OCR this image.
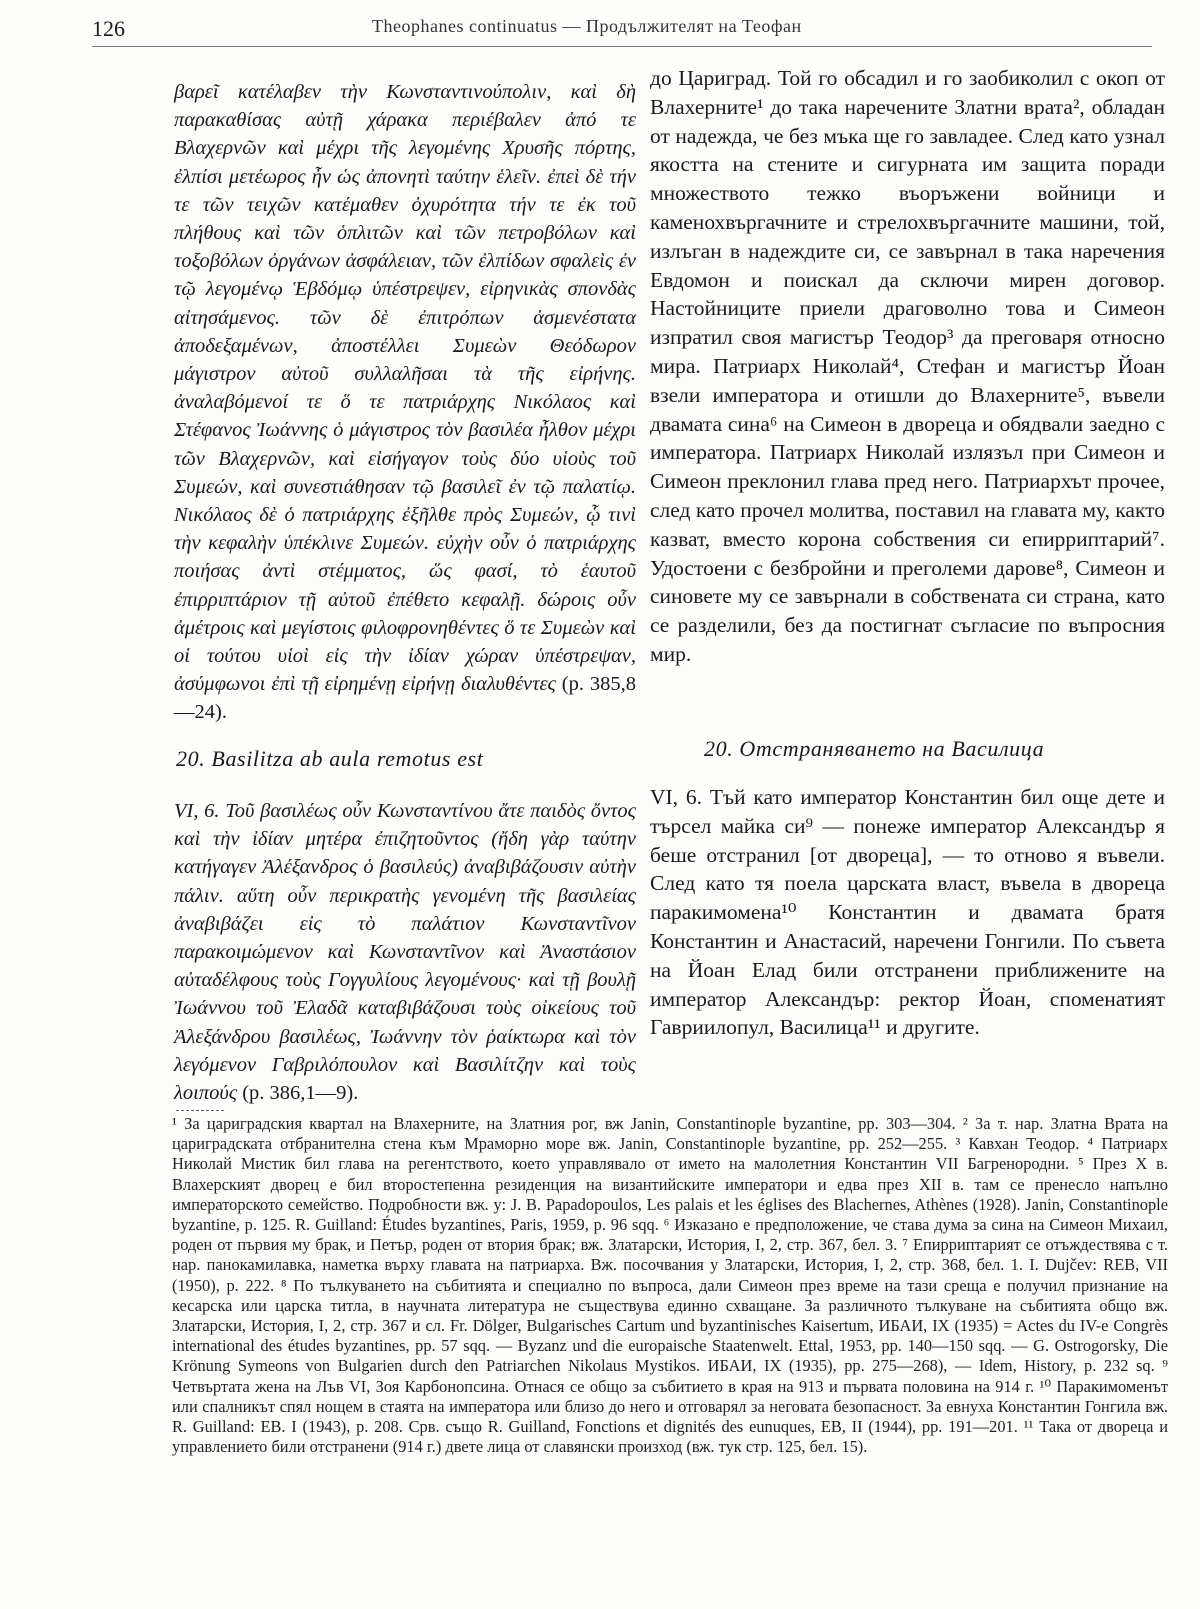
126	Theophanes continuatus — Продължителят на Теофан
βαρεῖ κατέλαβεν τὴν Κωνσταντινούπολιν, καὶ δὴ παρακαθίσας αὐτῇ χάρακα περιέβαλεν ἀπό τε Βλαχερνῶν καὶ μέχρι τῆς λεγομένης Χρυσῆς πόρτης, ἐλπίσι μετέωρος ἦν ὡς ἀπονητὶ ταύτην ἑλεῖν. ἐπεὶ δὲ τήν τε τῶν τειχῶν κατέμαθεν ὀχυρότητα τήν τε ἐκ τοῦ πλήθους καὶ τῶν ὁπλιτῶν καὶ τῶν πετροβόλων καὶ τοξοβόλων ὀργάνων ἀσφάλειαν, τῶν ἐλπίδων σφαλεὶς ἐν τῷ λεγομένῳ Ἑβδόμῳ ὑπέστρεψεν, εἰρηνικὰς σπονδὰς αἰτησάμενος. τῶν δὲ ἐπιτρόπων ἀσμενέστατα ἀποδεξαμένων, ἀποστέλλει Συμεὼν Θεόδωρον μάγιστρον αὐτοῦ συλλαλῆσαι τὰ τῆς εἰρήνης. ἀναλαβόμενοί τε ὅ τε πατριάρχης Νικόλαος καὶ Στέφανος Ἰωάννης ὁ μάγιστρος τὸν βασιλέα ἦλθον μέχρι τῶν Βλαχερνῶν, καὶ εἰσήγαγον τοὺς δύο υἱοὺς τοῦ Συμεών, καὶ συνεστιάθησαν τῷ βασιλεῖ ἐν τῷ παλατίῳ. Νικόλαος δὲ ὁ πατριάρχης ἐξῆλθε πρὸς Συμεών, ᾧ τινὶ τὴν κεφαλὴν ὑπέκλινε Συμεών. εὐχὴν οὖν ὁ πατριάρχης ποιήσας ἀντὶ στέμματος, ὥς φασί, τὸ ἑαυτοῦ ἐπιρριπτάριον τῇ αὐτοῦ ἐπέθετο κεφαλῇ. δώροις οὖν ἀμέτροις καὶ μεγίστοις φιλοφρονηθέντες ὅ τε Συμεὼν καὶ οἱ τούτου υἱοὶ εἰς τὴν ἰδίαν χώραν ὑπέστρεψαν, ἀσύμφωνοι ἐπὶ τῇ εἰρημένῃ εἰρήνῃ διαλυθέντες (p. 385,8—24).
до Цариград. Той го обсадил и го заобиколил с окоп от Влахерните¹ до така наречените Златни врата², обладан от надежда, че без мъка ще го завладее. След като узнал якостта на стените и сигурната им защита поради множеството тежко въоръжени войници и каменохвъргачните и стрелохвъргачните машини, той, излъган в надеждите си, се завърнал в така наречения Евдомон и поискал да сключи мирен договор. Настойниците приели драговолно това и Симеон изпратил своя магистър Теодор³ да преговаря относно мира. Патриарх Николай⁴, Стефан и магистър Йоан взели императора и отишли до Влахерните⁵, въвели двамата сина⁶ на Симеон в двореца и обядвали заедно с императора. Патриарх Николай излязъл при Симеон и Симеон преклонил глава пред него. Патриархът прочее, след като прочел молитва, поставил на главата му, както казват, вместо корона собствения си епирриптарий⁷. Удостоени с безбройни и преголеми дарове⁸, Симеон и синовете му се завърнали в собствената си страна, като се разделили, без да постигнат съгласие по въпросния мир.
20. Basilitza ab aula remotus est	20. Отстраняването на Василица
VI, 6. Τοῦ βασιλέως οὖν Κωνσταντίνου ἄτε παιδὸς ὄντος καὶ τὴν ἰδίαν μητέρα ἐπιζητοῦντος (ἤδη γὰρ ταύτην κατήγαγεν Ἀλέξανδρος ὁ βασιλεύς) ἀναβιβάζουσιν αὐτὴν πάλιν. αὕτη οὖν περικρατὴς γενομένη τῆς βασιλείας ἀναβιβάζει εἰς τὸ παλάτιον Κωνσταντῖνον παρακοιμώμενον καὶ Κωνσταντῖνον καὶ Ἀναστάσιον αὐταδέλφους τοὺς Γογγυλίους λεγομένους· καὶ τῇ βουλῇ Ἰωάννου τοῦ Ἐλαδᾶ καταβιβάζουσι τοὺς οἰκείους τοῦ Ἀλεξάνδρου βασιλέως, Ἰωάννην τὸν ῥαίκτωρα καὶ τὸν λεγόμενον Γαβριλόπουλον καὶ Βασιλίτζην καὶ τοὺς λοιπούς (p. 386,1—9).
VI, 6. Тъй като император Константин бил още дете и търсел майка си⁹ — понеже император Александър я беше отстранил [от двореца], — то отново я въвели. След като тя поела царската власт, въвела в двореца паракимомена¹⁰ Константин и двамата братя Константин и Анастасий, наречени Гонгили. По съвета на Йоан Елад били отстранени приближените на император Александър: ректор Йоан, споменатият Гавриилопул, Василица¹¹ и другите.
¹ За цариградския квартал на Влахерните, на Златния рог, вж Janin, Constantinople byzantine, pp. 303—304. ² За т. нар. Златна Врата на цариградската отбранителна стена към Мраморно море вж. Janin, Constantinople byzantine, pp. 252—255. ³ Кавхан Теодор. ⁴ Патриарх Николай Мистик бил глава на регентството, което управлявало от името на малолетния Константин VII Багренородни. ⁵ През X в. Влахерският дворец е бил второстепенна резиденция на византийските императори и едва през XII в. там се пренесло напълно императорското семейство. Подробности вж. у: J. B. Papadopoulos, Les palais et les églises des Blachernes, Athènes (1928). Janin, Constantinople byzantine, p. 125. R. Guilland: Études byzantines, Paris, 1959, p. 96 sqq. ⁶ Изказано е предположение, че става дума за сина на Симеон Михаил, роден от първия му брак, и Петър, роден от втория брак; вж. Златарски, История, I, 2, стр. 367, бел. 3. ⁷ Епирриптарият се отъждествява с т. нар. панокамилавка, наметка върху главата на патриарха. Вж. посочвания у Златарски, История, I, 2, стр. 368, бел. 1. I. Dujčev: REB, VII (1950), p. 222. ⁸ По тълкуването на събитията и специално по въпроса, дали Симеон през време на тази среща е получил признание на кесарска или царска титла, в научната литература не съществува единно схващане. За различното тълкуване на събитията общо вж. Златарски, История, I, 2, стр. 367 и сл. Fr. Dölger, Bulgarisches Cartum und byzantinisches Kaisertum, ИБАИ, IX (1935) = Actes du IV-e Congrès international des études byzantines, pp. 57 sqq. — Byzanz und die europaische Staatenwelt. Ettal, 1953, pp. 140—150 sqq. — G. Ostrogorsky, Die Krönung Symeons von Bulgarien durch den Patriarchen Nikolaus Mystikos. ИБАИ, IX (1935), pp. 275—268), — Idem, History, p. 232 sq. ⁹ Четвъртата жена на Лъв VI, Зоя Карбонопсина. Отнася се общо за събитието в края на 913 и първата половина на 914 г. ¹⁰ Паракимоменът или спалникът спял нощем в стаята на императора или близо до него и отговарял за неговата безопасност. За евнуха Константин Гонгила вж. R. Guilland: EB. I (1943), p. 208. Срв. също R. Guilland, Fonctions et dignités des eunuques, EB, II (1944), pp. 191—201. ¹¹ Така от двореца и управлението били отстранени (914 г.) двете лица от славянски произход (вж. тук стр. 125, бел. 15).
